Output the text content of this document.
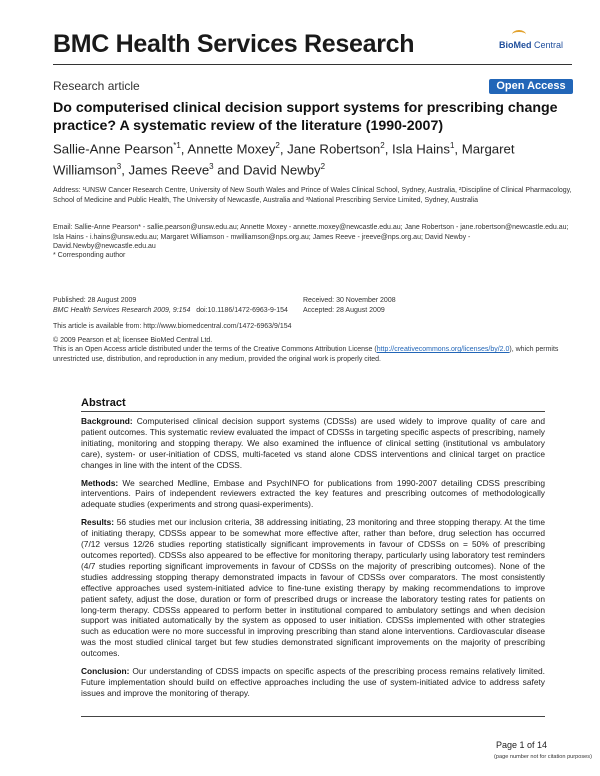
BMC Health Services Research	BioMed Central
Research article	Open Access
Do computerised clinical decision support systems for prescribing change practice? A systematic review of the literature (1990-2007)
Sallie-Anne Pearson$^{*1}$, Annette Moxey$^2$, Jane Robertson$^2$, Isla Hains$^1$, Margaret Williamson$^3$, James Reeve$^3$ and David Newby$^2$
Address: ¹UNSW Cancer Research Centre, University of New South Wales and Prince of Wales Clinical School, Sydney, Australia, ²Discipline of Clinical Pharmacology, School of Medicine and Public Health, The University of Newcastle, Australia and ³National Prescribing Service Limited, Sydney, Australia
Email: Sallie-Anne Pearson* - sallie.pearson@unsw.edu.au; Annette Moxey - annette.moxey@newcastle.edu.au; Jane Robertson - jane.robertson@newcastle.edu.au; Isla Hains - i.hains@unsw.edu.au; Margaret Williamson - mwilliamson@nps.org.au; James Reeve - jreeve@nps.org.au; David Newby - David.Newby@newcastle.edu.au
* Corresponding author
Published: 28 August 2009
BMC Health Services Research 2009, 9:154 doi:10.1186/1472-6963-9-154
Received: 30 November 2008
Accepted: 28 August 2009
This article is available from: http://www.biomedcentral.com/1472-6963/9/154
© 2009 Pearson et al; licensee BioMed Central Ltd.
This is an Open Access article distributed under the terms of the Creative Commons Attribution License (http://creativecommons.org/licenses/by/2.0), which permits unrestricted use, distribution, and reproduction in any medium, provided the original work is properly cited.
Abstract
Background: Computerised clinical decision support systems (CDSSs) are used widely to improve quality of care and patient outcomes. This systematic review evaluated the impact of CDSSs in targeting specific aspects of prescribing, namely initiating, monitoring and stopping therapy. We also examined the influence of clinical setting (institutional vs ambulatory care), system- or user-initiation of CDSS, multi-faceted vs stand alone CDSS interventions and clinical target on practice changes in line with the intent of the CDSS.
Methods: We searched Medline, Embase and PsychINFO for publications from 1990-2007 detailing CDSS prescribing interventions. Pairs of independent reviewers extracted the key features and prescribing outcomes of methodologically adequate studies (experiments and strong quasi-experiments).
Results: 56 studies met our inclusion criteria, 38 addressing initiating, 23 monitoring and three stopping therapy. At the time of initiating therapy, CDSSs appear to be somewhat more effective after, rather than before, drug selection has occurred (7/12 versus 12/26 studies reporting statistically significant improvements in favour of CDSSs on = 50% of prescribing outcomes reported). CDSSs also appeared to be effective for monitoring therapy, particularly using laboratory test reminders (4/7 studies reporting significant improvements in favour of CDSSs on the majority of prescribing outcomes). None of the studies addressing stopping therapy demonstrated impacts in favour of CDSSs over comparators. The most consistently effective approaches used system-initiated advice to fine-tune existing therapy by making recommendations to improve patient safety, adjust the dose, duration or form of prescribed drugs or increase the laboratory testing rates for patients on long-term therapy. CDSSs appeared to perform better in institutional compared to ambulatory settings and when decision support was initiated automatically by the system as opposed to user initiation. CDSSs implemented with other strategies such as education were no more successful in improving prescribing than stand alone interventions. Cardiovascular disease was the most studied clinical target but few studies demonstrated significant improvements on the majority of prescribing outcomes.
Conclusion: Our understanding of CDSS impacts on specific aspects of the prescribing process remains relatively limited. Future implementation should build on effective approaches including the use of system-initiated advice to address safety issues and improve the monitoring of therapy.
Page 1 of 14
(page number not for citation purposes)
